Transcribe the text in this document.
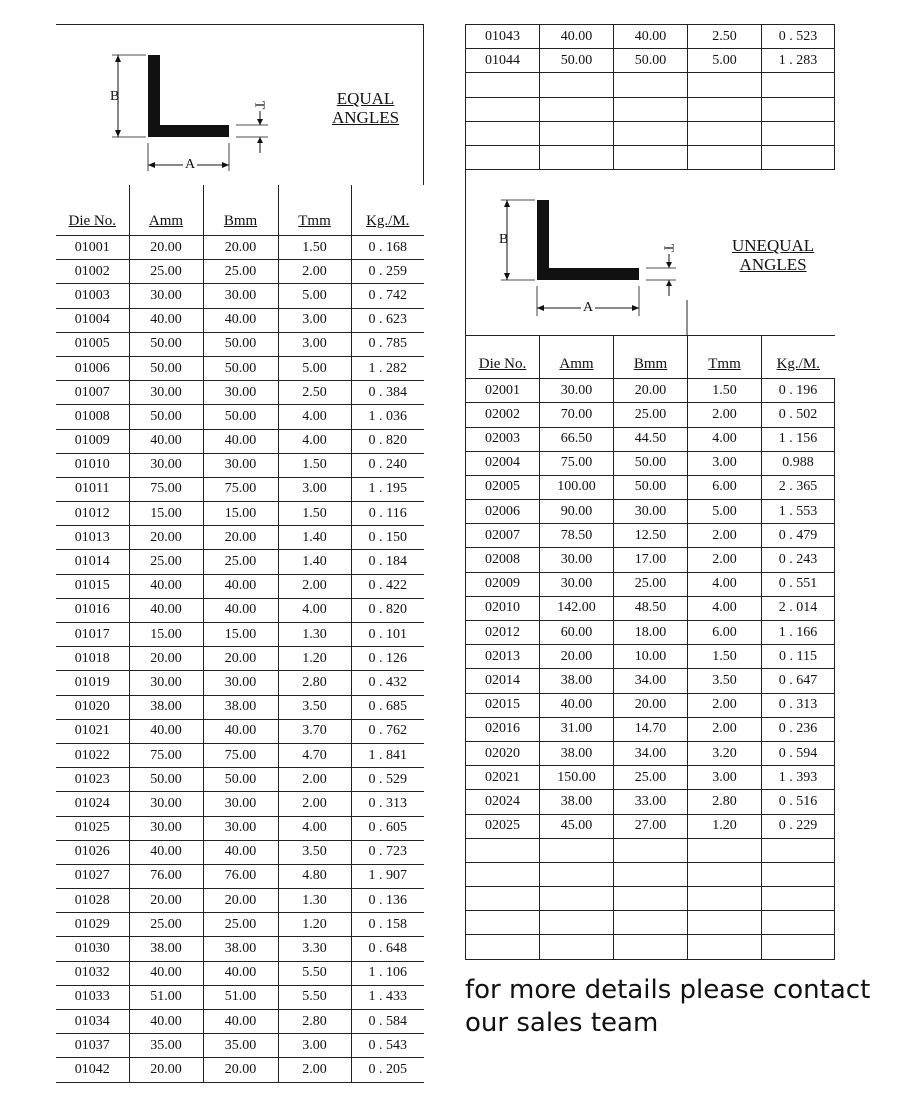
B
A
T	EQUAL
ANGLES
Die No.	Amm	Bmm	Tmm	Kg./M.
01001	20.00	20.00	1.50	0 . 168
01002	25.00	25.00	2.00	0 . 259
01003	30.00	30.00	5.00	0 . 742
01004	40.00	40.00	3.00	0 . 623
01005	50.00	50.00	3.00	0 . 785
01006	50.00	50.00	5.00	1 . 282
01007	30.00	30.00	2.50	0 . 384
01008	50.00	50.00	4.00	1 . 036
01009	40.00	40.00	4.00	0 . 820
01010	30.00	30.00	1.50	0 . 240
01011	75.00	75.00	3.00	1 . 195
01012	15.00	15.00	1.50	0 . 116
01013	20.00	20.00	1.40	0 . 150
01014	25.00	25.00	1.40	0 . 184
01015	40.00	40.00	2.00	0 . 422
01016	40.00	40.00	4.00	0 . 820
01017	15.00	15.00	1.30	0 . 101
01018	20.00	20.00	1.20	0 . 126
01019	30.00	30.00	2.80	0 . 432
01020	38.00	38.00	3.50	0 . 685
01021	40.00	40.00	3.70	0 . 762
01022	75.00	75.00	4.70	1 . 841
01023	50.00	50.00	2.00	0 . 529
01024	30.00	30.00	2.00	0 . 313
01025	30.00	30.00	4.00	0 . 605
01026	40.00	40.00	3.50	0 . 723
01027	76.00	76.00	4.80	1 . 907
01028	20.00	20.00	1.30	0 . 136
01029	25.00	25.00	1.20	0 . 158
01030	38.00	38.00	3.30	0 . 648
01032	40.00	40.00	5.50	1 . 106
01033	51.00	51.00	5.50	1 . 433
01034	40.00	40.00	2.80	0 . 584
01037	35.00	35.00	3.00	0 . 543
01042	20.00	20.00	2.00	0 . 205
01043	40.00	40.00	2.50	0 . 523
01044	50.00	50.00	5.00	1 . 283

B
A
T	UNEQUAL
ANGLES
Die No.	Amm	Bmm	Tmm	Kg./M.
02001	30.00	20.00	1.50	0 . 196
02002	70.00	25.00	2.00	0 . 502
02003	66.50	44.50	4.00	1 . 156
02004	75.00	50.00	3.00	0.988
02005	100.00	50.00	6.00	2 . 365
02006	90.00	30.00	5.00	1 . 553
02007	78.50	12.50	2.00	0 . 479
02008	30.00	17.00	2.00	0 . 243
02009	30.00	25.00	4.00	0 . 551
02010	142.00	48.50	4.00	2 . 014
02012	60.00	18.00	6.00	1 . 166
02013	20.00	10.00	1.50	0 . 115
02014	38.00	34.00	3.50	0 . 647
02015	40.00	20.00	2.00	0 . 313
02016	31.00	14.70	2.00	0 . 236
02020	38.00	34.00	3.20	0 . 594
02021	150.00	25.00	3.00	1 . 393
02024	38.00	33.00	2.80	0 . 516
02025	45.00	27.00	1.20	0 . 229

for more details please contact
our sales team
